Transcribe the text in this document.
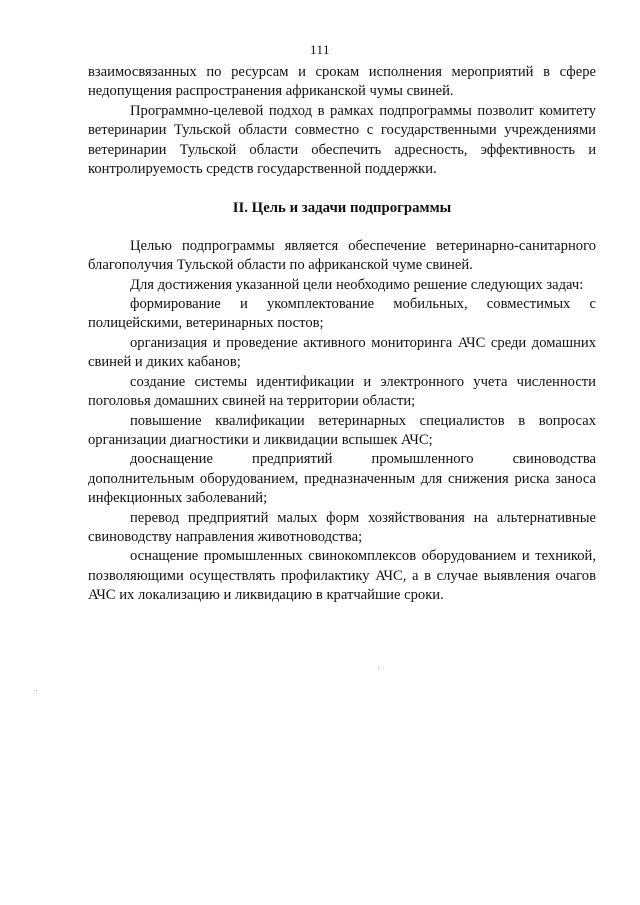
111

взаимосвязанных по ресурсам и срокам исполнения мероприятий в сфере недопущения распространения африканской чумы свиней.

Программно-целевой подход в рамках подпрограммы позволит комитету ветеринарии Тульской области совместно с государственными учреждениями ветеринарии Тульской области обеспечить адресность, эффективность и контролируемость средств государственной поддержки.

II. Цель и задачи подпрограммы

Целью подпрограммы является обеспечение ветеринарно-санитарного благополучия Тульской области по африканской чуме свиней.

Для достижения указанной цели необходимо решение следующих задач:

формирование и укомплектование мобильных, совместимых с полицейскими, ветеринарных постов;

организация и проведение активного мониторинга АЧС среди домашних свиней и диких кабанов;

создание системы идентификации и электронного учета численности поголовья домашних свиней на территории области;

повышение квалификации ветеринарных специалистов в вопросах организации диагностики и ликвидации вспышек АЧС;

дооснащение предприятий промышленного свиноводства дополнительным оборудованием, предназначенным для снижения риска заноса инфекционных заболеваний;

перевод предприятий малых форм хозяйствования на альтернативные свиноводству направления животноводства;

оснащение промышленных свинокомплексов оборудованием и техникой, позволяющими осуществлять профилактику АЧС, а в случае выявления очагов АЧС их локализацию и ликвидацию в кратчайшие сроки.
